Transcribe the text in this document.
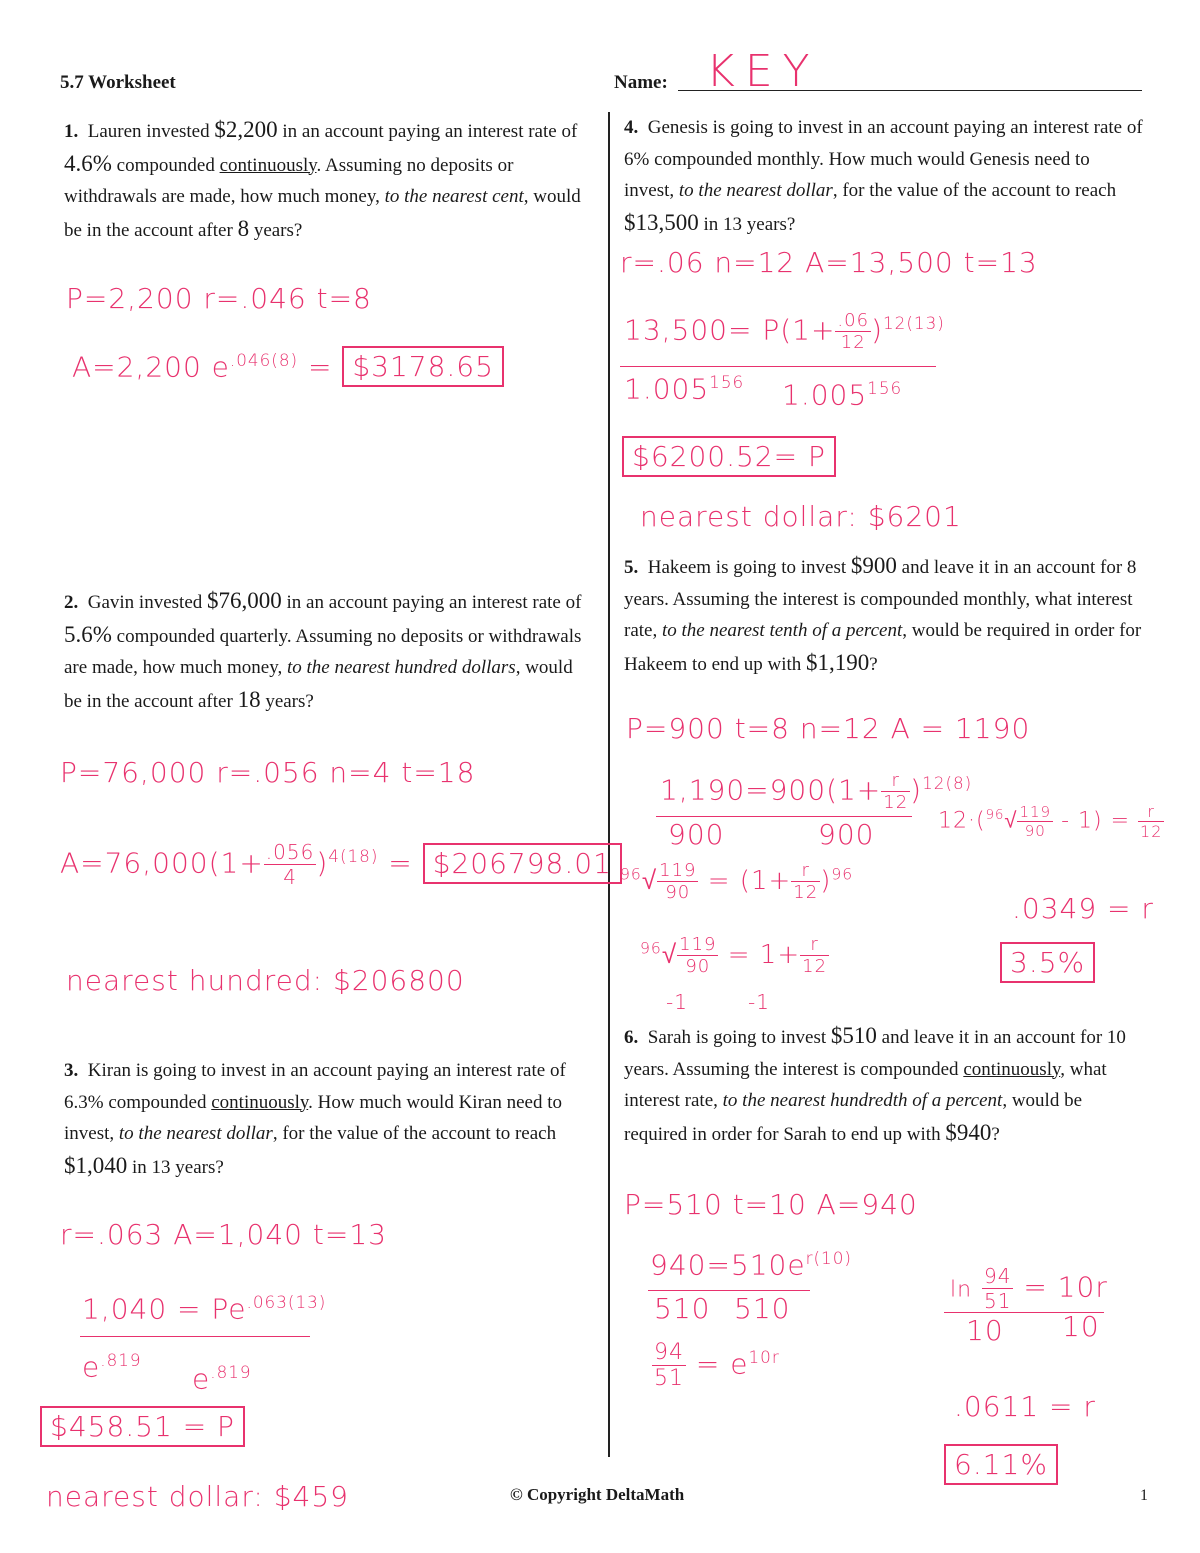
5.7 Worksheet	Name: KEY
1. Lauren invested $2,200 in an account paying an interest rate of 4.6% compounded continuously. Assuming no deposits or withdrawals are made, how much money, to the nearest cent, would be in the account after 8 years?
2. Gavin invested $76,000 in an account paying an interest rate of 5.6% compounded quarterly. Assuming no deposits or withdrawals are made, how much money, to the nearest hundred dollars, would be in the account after 18 years?
3. Kiran is going to invest in an account paying an interest rate of 6.3% compounded continuously. How much would Kiran need to invest, to the nearest dollar, for the value of the account to reach $1,040 in 13 years?
4. Genesis is going to invest in an account paying an interest rate of 6% compounded monthly. How much would Genesis need to invest, to the nearest dollar, for the value of the account to reach $13,500 in 13 years?
5. Hakeem is going to invest $900 and leave it in an account for 8 years. Assuming the interest is compounded monthly, what interest rate, to the nearest tenth of a percent, would be required in order for Hakeem to end up with $1,190?
6. Sarah is going to invest $510 and leave it in an account for 10 years. Assuming the interest is compounded continuously, what interest rate, to the nearest hundredth of a percent, would be required in order for Sarah to end up with $940?
P=2,200 r=.046 t=8
A=2,200 $e^{.046(8)}$ = $3178.65
P=76,000 r=.056 n=4 t=18
$A=76,000(1+ \frac{.056}{4} )^{4(18)}$ = $206798.01
nearest hundred: $206800
r=.063 A=1,040 t=13
$1,040 = Pe^{.063(13)}$
$e^{.819}$
$e^{.819}$
$458.51 = P
nearest dollar: $459
r=.06 n=12 A=13,500 t=13
$13,500= P(1+ \frac{.06}{12} )^{12(13)}$
1.005$^{156}$ 1.005$^{156}$
$6200.52= P
nearest dollar: $6201
P=900 t=8 n=12 A = 1190
$1,190=900(1+ \frac{r}{12} )^{12(8)}$
900	900
$^{96}√ \frac{119}{90} = (1+ \frac{r}{12} )^{96}$
$^{96}√ \frac{119}{90} = 1+ \frac{r}{12}$
-1	-1
$12\cdot(^{96}√ \frac{119}{90} - 1) = \frac{r}{12}$
.0349 = r
3.5%
P=510 t=10 A=940
$940=510e^{r(10)}$
510 510
$\frac{94}{51} = e^{10r}$
$\ln \frac{94}{51} = 10r$
10 10
.0611 = r
6.11%
© Copyright DeltaMath	1
